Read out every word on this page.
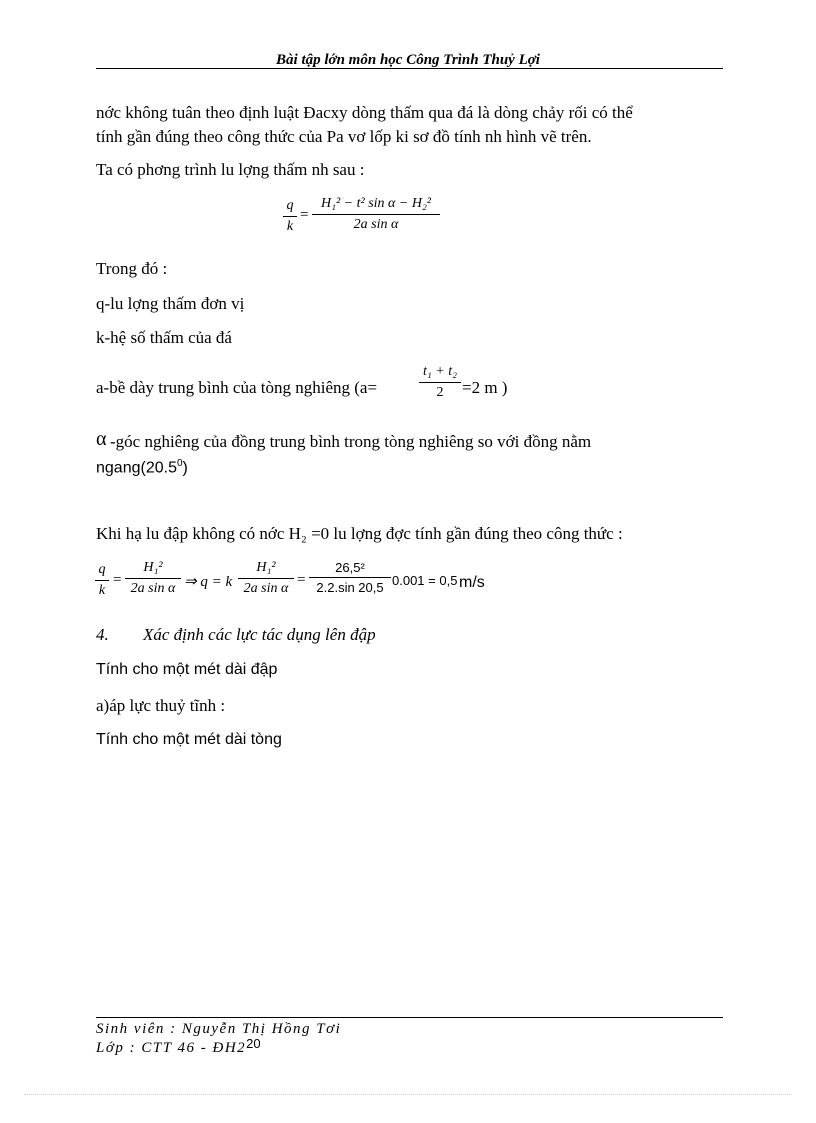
Bài tập lớn môn học Công Trình Thuỷ Lợi
nớc không tuân theo định luật Đacxy dòng thấm qua đá là dòng chảy rối có thể
tính gần đúng theo công thức của Pa vơ lốp ki sơ đồ tính nh hình vẽ trên.
Ta có phơng trình lu lợng thấm nh sau :
q
k
=
H₁² − t² sin α − H₂²
2a sin α
Trong đó :
q-lu lợng thấm đơn vị
k-hệ số thấm của đá
a-bề dày trung bình của tòng nghiêng (a=
t₁ + t₂
2	=2 m )
α -góc nghiêng của đồng trung bình trong tòng nghiêng so với đồng nằm
ngang(20.5$^0$)
Khi hạ lu đập không có nớc H₂ =0 lu lợng đợc tính gần đúng theo công thức :
q
k
=
H₁²
2a sin α ⇒ q = k
H₁²
2a sin α
=
26,5²
2.2.sin 20,5 0.001 = 0,5 m/s
4. Xác định các lực tác dụng lên đập
Tính cho một mét dài đập
a)áp lực thuỷ tĩnh :
Tính cho một mét dài tòng
Sinh viên : Nguyễn Thị Hồng Tơi
Lớp : CTT 46 - ĐH220
